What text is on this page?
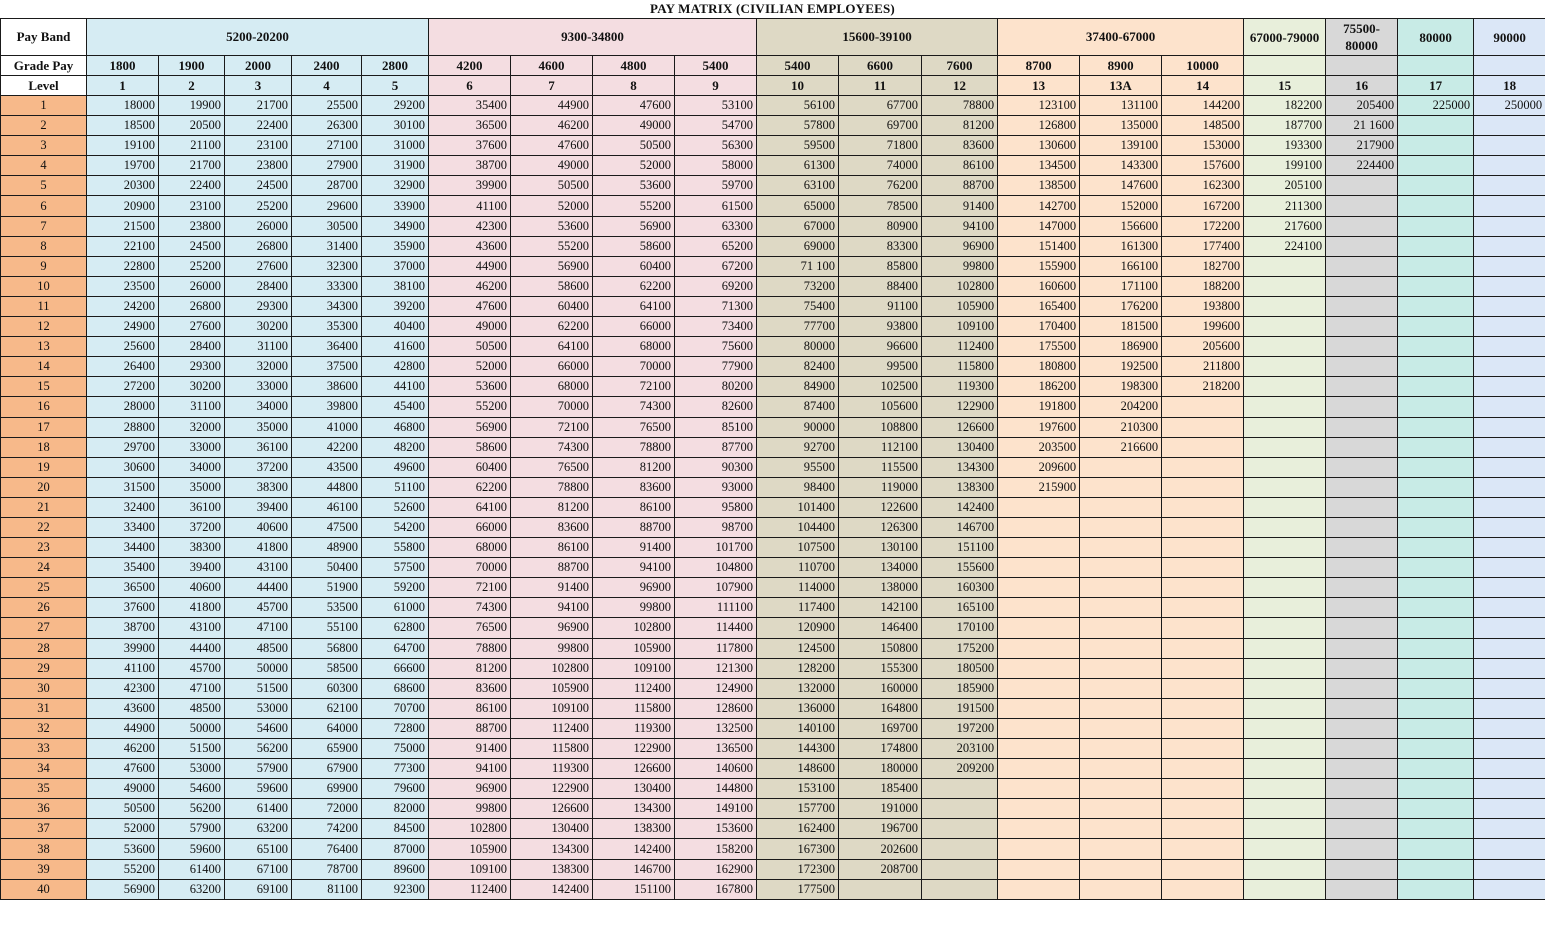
PAY MATRIX (CIVILIAN EMPLOYEES)
Pay Band	5200-20200					9300-34800				15600-39100			37400-67000			67000-79000	75500-80000	80000	90000
Grade Pay	1800	1900	2000	2400	2800	4200	4600	4800	5400	5400	6600	7600	8700	8900	10000				
Level	1	2	3	4	5	6	7	8	9	10	11	12	13	13A	14	15	16	17	18
1	18000	19900	21700	25500	29200	35400	44900	47600	53100	56100	67700	78800	123100	131100	144200	182200	205400	225000	250000
2	18500	20500	22400	26300	30100	36500	46200	49000	54700	57800	69700	81200	126800	135000	148500	187700	21 1600		
3	19100	21100	23100	27100	31000	37600	47600	50500	56300	59500	71800	83600	130600	139100	153000	193300	217900		
4	19700	21700	23800	27900	31900	38700	49000	52000	58000	61300	74000	86100	134500	143300	157600	199100	224400		
5	20300	22400	24500	28700	32900	39900	50500	53600	59700	63100	76200	88700	138500	147600	162300	205100			
6	20900	23100	25200	29600	33900	41100	52000	55200	61500	65000	78500	91400	142700	152000	167200	211300			
7	21500	23800	26000	30500	34900	42300	53600	56900	63300	67000	80900	94100	147000	156600	172200	217600			
8	22100	24500	26800	31400	35900	43600	55200	58600	65200	69000	83300	96900	151400	161300	177400	224100			
9	22800	25200	27600	32300	37000	44900	56900	60400	67200	71 100	85800	99800	155900	166100	182700				
10	23500	26000	28400	33300	38100	46200	58600	62200	69200	73200	88400	102800	160600	171100	188200				
11	24200	26800	29300	34300	39200	47600	60400	64100	71300	75400	91100	105900	165400	176200	193800				
12	24900	27600	30200	35300	40400	49000	62200	66000	73400	77700	93800	109100	170400	181500	199600				
13	25600	28400	31100	36400	41600	50500	64100	68000	75600	80000	96600	112400	175500	186900	205600				
14	26400	29300	32000	37500	42800	52000	66000	70000	77900	82400	99500	115800	180800	192500	211800				
15	27200	30200	33000	38600	44100	53600	68000	72100	80200	84900	102500	119300	186200	198300	218200				
16	28000	31100	34000	39800	45400	55200	70000	74300	82600	87400	105600	122900	191800	204200					
17	28800	32000	35000	41000	46800	56900	72100	76500	85100	90000	108800	126600	197600	210300					
18	29700	33000	36100	42200	48200	58600	74300	78800	87700	92700	112100	130400	203500	216600					
19	30600	34000	37200	43500	49600	60400	76500	81200	90300	95500	115500	134300	209600						
20	31500	35000	38300	44800	51100	62200	78800	83600	93000	98400	119000	138300	215900						
21	32400	36100	39400	46100	52600	64100	81200	86100	95800	101400	122600	142400							
22	33400	37200	40600	47500	54200	66000	83600	88700	98700	104400	126300	146700							
23	34400	38300	41800	48900	55800	68000	86100	91400	101700	107500	130100	151100							
24	35400	39400	43100	50400	57500	70000	88700	94100	104800	110700	134000	155600							
25	36500	40600	44400	51900	59200	72100	91400	96900	107900	114000	138000	160300							
26	37600	41800	45700	53500	61000	74300	94100	99800	111100	117400	142100	165100							
27	38700	43100	47100	55100	62800	76500	96900	102800	114400	120900	146400	170100							
28	39900	44400	48500	56800	64700	78800	99800	105900	117800	124500	150800	175200							
29	41100	45700	50000	58500	66600	81200	102800	109100	121300	128200	155300	180500							
30	42300	47100	51500	60300	68600	83600	105900	112400	124900	132000	160000	185900							
31	43600	48500	53000	62100	70700	86100	109100	115800	128600	136000	164800	191500							
32	44900	50000	54600	64000	72800	88700	112400	119300	132500	140100	169700	197200							
33	46200	51500	56200	65900	75000	91400	115800	122900	136500	144300	174800	203100							
34	47600	53000	57900	67900	77300	94100	119300	126600	140600	148600	180000	209200							
35	49000	54600	59600	69900	79600	96900	122900	130400	144800	153100	185400								
36	50500	56200	61400	72000	82000	99800	126600	134300	149100	157700	191000								
37	52000	57900	63200	74200	84500	102800	130400	138300	153600	162400	196700								
38	53600	59600	65100	76400	87000	105900	134300	142400	158200	167300	202600								
39	55200	61400	67100	78700	89600	109100	138300	146700	162900	172300	208700								
40	56900	63200	69100	81100	92300	112400	142400	151100	167800	177500									
